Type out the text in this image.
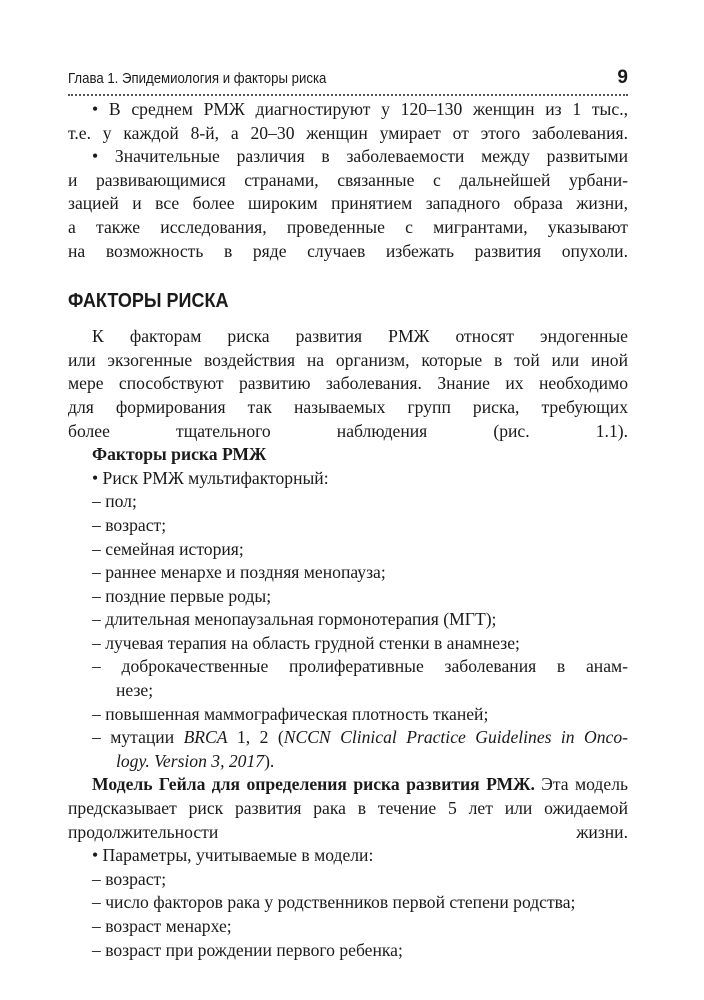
Глава 1. Эпидемиология и факторы риска	9
• В среднем РМЖ диагностируют у 120–130 женщин из 1 тыс.,
т.е. у каждой 8-й, а 20–30 женщин умирает от этого заболевания.
• Значительные различия в заболеваемости между развитыми
и развивающимися странами, связанные с дальнейшей урбани-
зацией и все более широким принятием западного образа жизни,
а также исследования, проведенные с мигрантами, указывают
на возможность в ряде случаев избежать развития опухоли.
ФАКТОРЫ РИСКА
К факторам риска развития РМЖ относят эндогенные
или экзогенные воздействия на организм, которые в той или иной
мере способствуют развитию заболевания. Знание их необходимо
для формирования так называемых групп риска, требующих
более тщательного наблюдения (рис. 1.1).
Факторы риска РМЖ
• Риск РМЖ мультифакторный:
– пол;
– возраст;
– семейная история;
– раннее менархе и поздняя менопауза;
– поздние первые роды;
– длительная менопаузальная гормонотерапия (МГТ);
– лучевая терапия на область грудной стенки в анамнезе;
– доброкачественные пролиферативные заболевания в анам-
незе;
– повышенная маммографическая плотность тканей;
– мутации BRCA 1, 2 (NCCN Clinical Practice Guidelines in Onco-
logy. Version 3, 2017).
Модель Гейла для определения риска развития РМЖ. Эта модель
предсказывает риск развития рака в течение 5 лет или ожидаемой
продолжительности жизни.
• Параметры, учитываемые в модели:
– возраст;
– число факторов рака у родственников первой степени родства;
– возраст менархе;
– возраст при рождении первого ребенка;
